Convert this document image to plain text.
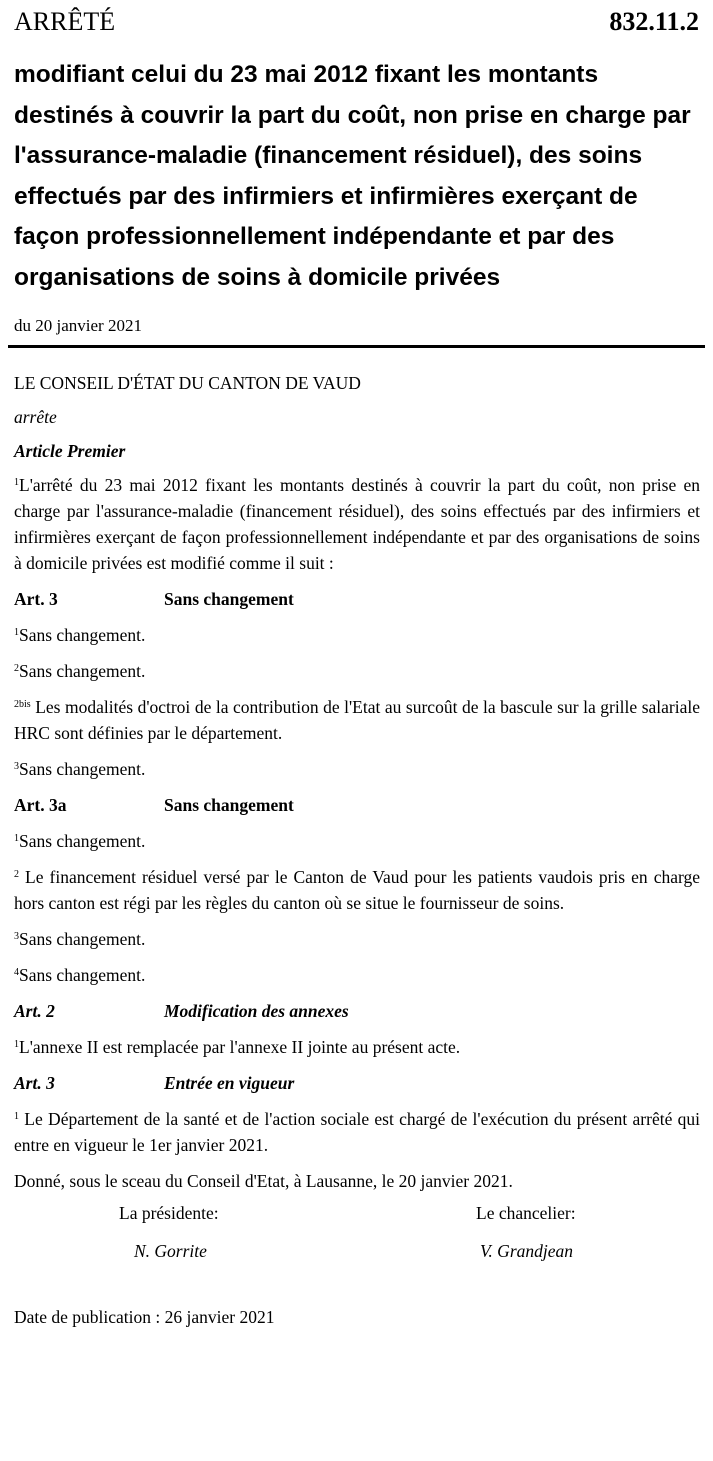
ARRÊTÉ	832.11.2
modifiant celui du 23 mai 2012 fixant les montants destinés à couvrir la part du coût, non prise en charge par l'assurance-maladie (financement résiduel), des soins effectués par des infirmiers et infirmières exerçant de façon professionnellement indépendante et par des organisations de soins à domicile privées
du 20 janvier 2021

LE CONSEIL D'ÉTAT DU CANTON DE VAUD

arrête

Article Premier

$^1$L'arrêté du 23 mai 2012 fixant les montants destinés à couvrir la part du coût, non prise en charge par l'assurance-maladie (financement résiduel), des soins effectués par des infirmiers et infirmières exerçant de façon professionnellement indépendante et par des organisations de soins à domicile privées est modifié comme il suit :

Art. 3	Sans changement

$^1$Sans changement.

$^2$Sans changement.

$^{2bis}$ Les modalités d'octroi de la contribution de l'Etat au surcoût de la bascule sur la grille salariale HRC sont définies par le département.

$^3$Sans changement.

Art. 3a	Sans changement

$^1$Sans changement.

$^2$ Le financement résiduel versé par le Canton de Vaud pour les patients vaudois pris en charge hors canton est régi par les règles du canton où se situe le fournisseur de soins.

$^3$Sans changement.

$^4$Sans changement.

Art. 2	Modification des annexes

$^1$L'annexe II est remplacée par l'annexe II jointe au présent acte.

Art. 3	Entrée en vigueur

$^1$ Le Département de la santé et de l'action sociale est chargé de l'exécution du présent arrêté qui entre en vigueur le 1er janvier 2021.

Donné, sous le sceau du Conseil d'Etat, à Lausanne, le 20 janvier 2021.

La présidente:	Le chancelier:
N. Gorrite	V. Grandjean

Date de publication : 26 janvier 2021
